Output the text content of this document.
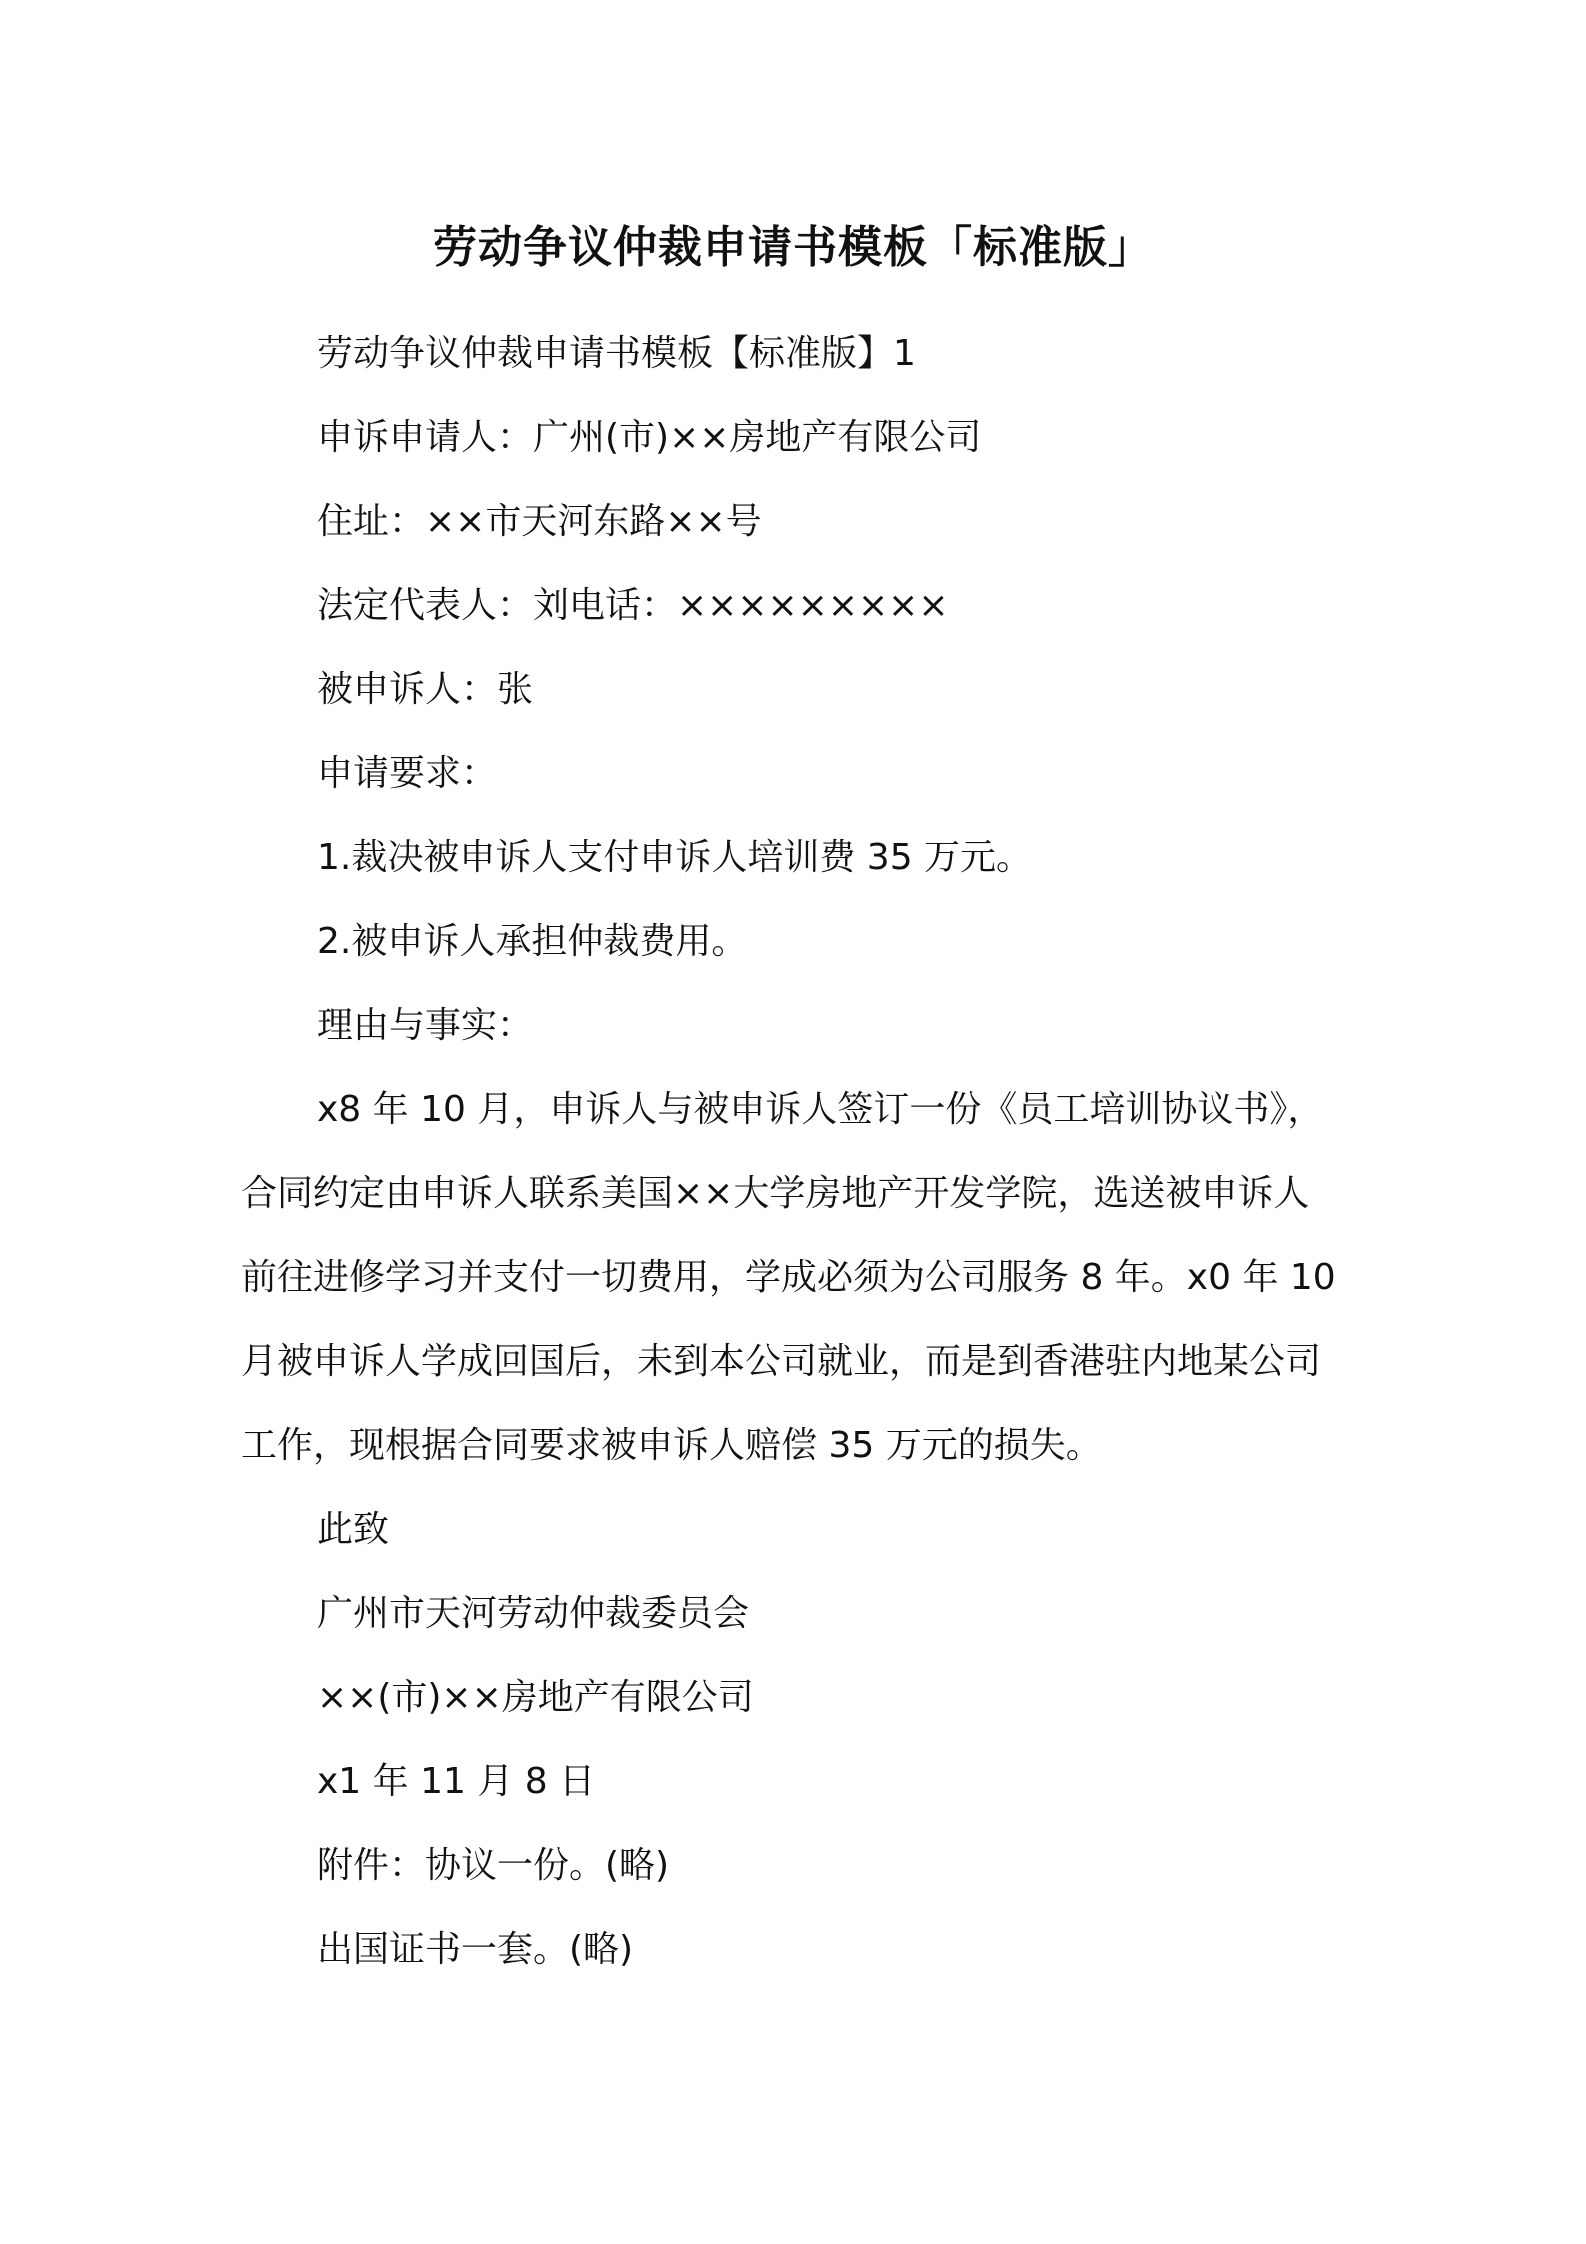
劳动争议仲裁申请书模板「标准版」
劳动争议仲裁申请书模板【标准版】1
申诉申请人：广州(市)××房地产有限公司
住址：××市天河东路××号
法定代表人：刘电话：×××××××××
被申诉人：张
申请要求：
1.裁决被申诉人支付申诉人培训费 35 万元。
2.被申诉人承担仲裁费用。
理由与事实：
x8 年 10 月，申诉人与被申诉人签订一份《员工培训协议书》，
合同约定由申诉人联系美国××大学房地产开发学院，选送被申诉人
前往进修学习并支付一切费用，学成必须为公司服务 8 年。x0 年 10
月被申诉人学成回国后，未到本公司就业，而是到香港驻内地某公司
工作，现根据合同要求被申诉人赔偿 35 万元的损失。
此致
广州市天河劳动仲裁委员会
××(市)××房地产有限公司
x1 年 11 月 8 日
附件：协议一份。(略)
出国证书一套。(略)
